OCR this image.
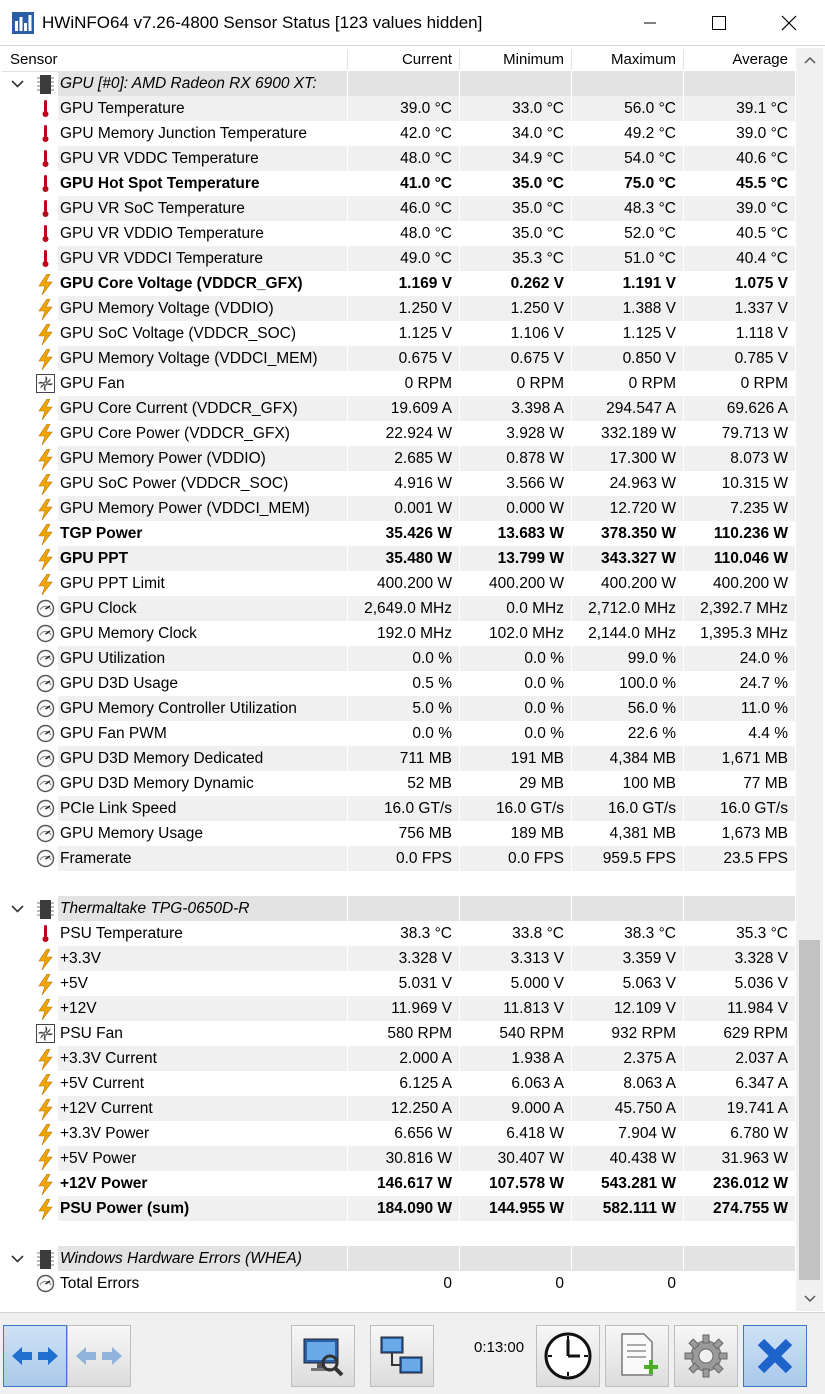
HWiNFO64 v7.26-4800 Sensor Status [123 values hidden]
Sensor	Current	Minimum	Maximum	Average
GPU [#0]: AMD Radeon RX 6900 XT:
GPU Temperature	39.0 °C	33.0 °C	56.0 °C	39.1 °C
GPU Memory Junction Temperature	42.0 °C	34.0 °C	49.2 °C	39.0 °C
GPU VR VDDC Temperature	48.0 °C	34.9 °C	54.0 °C	40.6 °C
GPU Hot Spot Temperature	41.0 °C	35.0 °C	75.0 °C	45.5 °C
GPU VR SoC Temperature	46.0 °C	35.0 °C	48.3 °C	39.0 °C
GPU VR VDDIO Temperature	48.0 °C	35.0 °C	52.0 °C	40.5 °C
GPU VR VDDCI Temperature	49.0 °C	35.3 °C	51.0 °C	40.4 °C
GPU Core Voltage (VDDCR_GFX)	1.169 V	0.262 V	1.191 V	1.075 V
GPU Memory Voltage (VDDIO)	1.250 V	1.250 V	1.388 V	1.337 V
GPU SoC Voltage (VDDCR_SOC)	1.125 V	1.106 V	1.125 V	1.118 V
GPU Memory Voltage (VDDCI_MEM)	0.675 V	0.675 V	0.850 V	0.785 V
GPU Fan	0 RPM	0 RPM	0 RPM	0 RPM
GPU Core Current (VDDCR_GFX)	19.609 A	3.398 A	294.547 A	69.626 A
GPU Core Power (VDDCR_GFX)	22.924 W	3.928 W	332.189 W	79.713 W
GPU Memory Power (VDDIO)	2.685 W	0.878 W	17.300 W	8.073 W
GPU SoC Power (VDDCR_SOC)	4.916 W	3.566 W	24.963 W	10.315 W
GPU Memory Power (VDDCI_MEM)	0.001 W	0.000 W	12.720 W	7.235 W
TGP Power	35.426 W	13.683 W	378.350 W	110.236 W
GPU PPT	35.480 W	13.799 W	343.327 W	110.046 W
GPU PPT Limit	400.200 W	400.200 W	400.200 W	400.200 W
GPU Clock	2,649.0 MHz	0.0 MHz	2,712.0 MHz	2,392.7 MHz
GPU Memory Clock	192.0 MHz	102.0 MHz	2,144.0 MHz	1,395.3 MHz
GPU Utilization	0.0 %	0.0 %	99.0 %	24.0 %
GPU D3D Usage	0.5 %	0.0 %	100.0 %	24.7 %
GPU Memory Controller Utilization	5.0 %	0.0 %	56.0 %	11.0 %
GPU Fan PWM	0.0 %	0.0 %	22.6 %	4.4 %
GPU D3D Memory Dedicated	711 MB	191 MB	4,384 MB	1,671 MB
GPU D3D Memory Dynamic	52 MB	29 MB	100 MB	77 MB
PCIe Link Speed	16.0 GT/s	16.0 GT/s	16.0 GT/s	16.0 GT/s
GPU Memory Usage	756 MB	189 MB	4,381 MB	1,673 MB
Framerate	0.0 FPS	0.0 FPS	959.5 FPS	23.5 FPS
Thermaltake TPG-0650D-R
PSU Temperature	38.3 °C	33.8 °C	38.3 °C	35.3 °C
+3.3V	3.328 V	3.313 V	3.359 V	3.328 V
+5V	5.031 V	5.000 V	5.063 V	5.036 V
+12V	11.969 V	11.813 V	12.109 V	11.984 V
PSU Fan	580 RPM	540 RPM	932 RPM	629 RPM
+3.3V Current	2.000 A	1.938 A	2.375 A	2.037 A
+5V Current	6.125 A	6.063 A	8.063 A	6.347 A
+12V Current	12.250 A	9.000 A	45.750 A	19.741 A
+3.3V Power	6.656 W	6.418 W	7.904 W	6.780 W
+5V Power	30.816 W	30.407 W	40.438 W	31.963 W
+12V Power	146.617 W	107.578 W	543.281 W	236.012 W
PSU Power (sum)	184.090 W	144.955 W	582.111 W	274.755 W
Windows Hardware Errors (WHEA)
Total Errors	0	0	0
0:13:00
